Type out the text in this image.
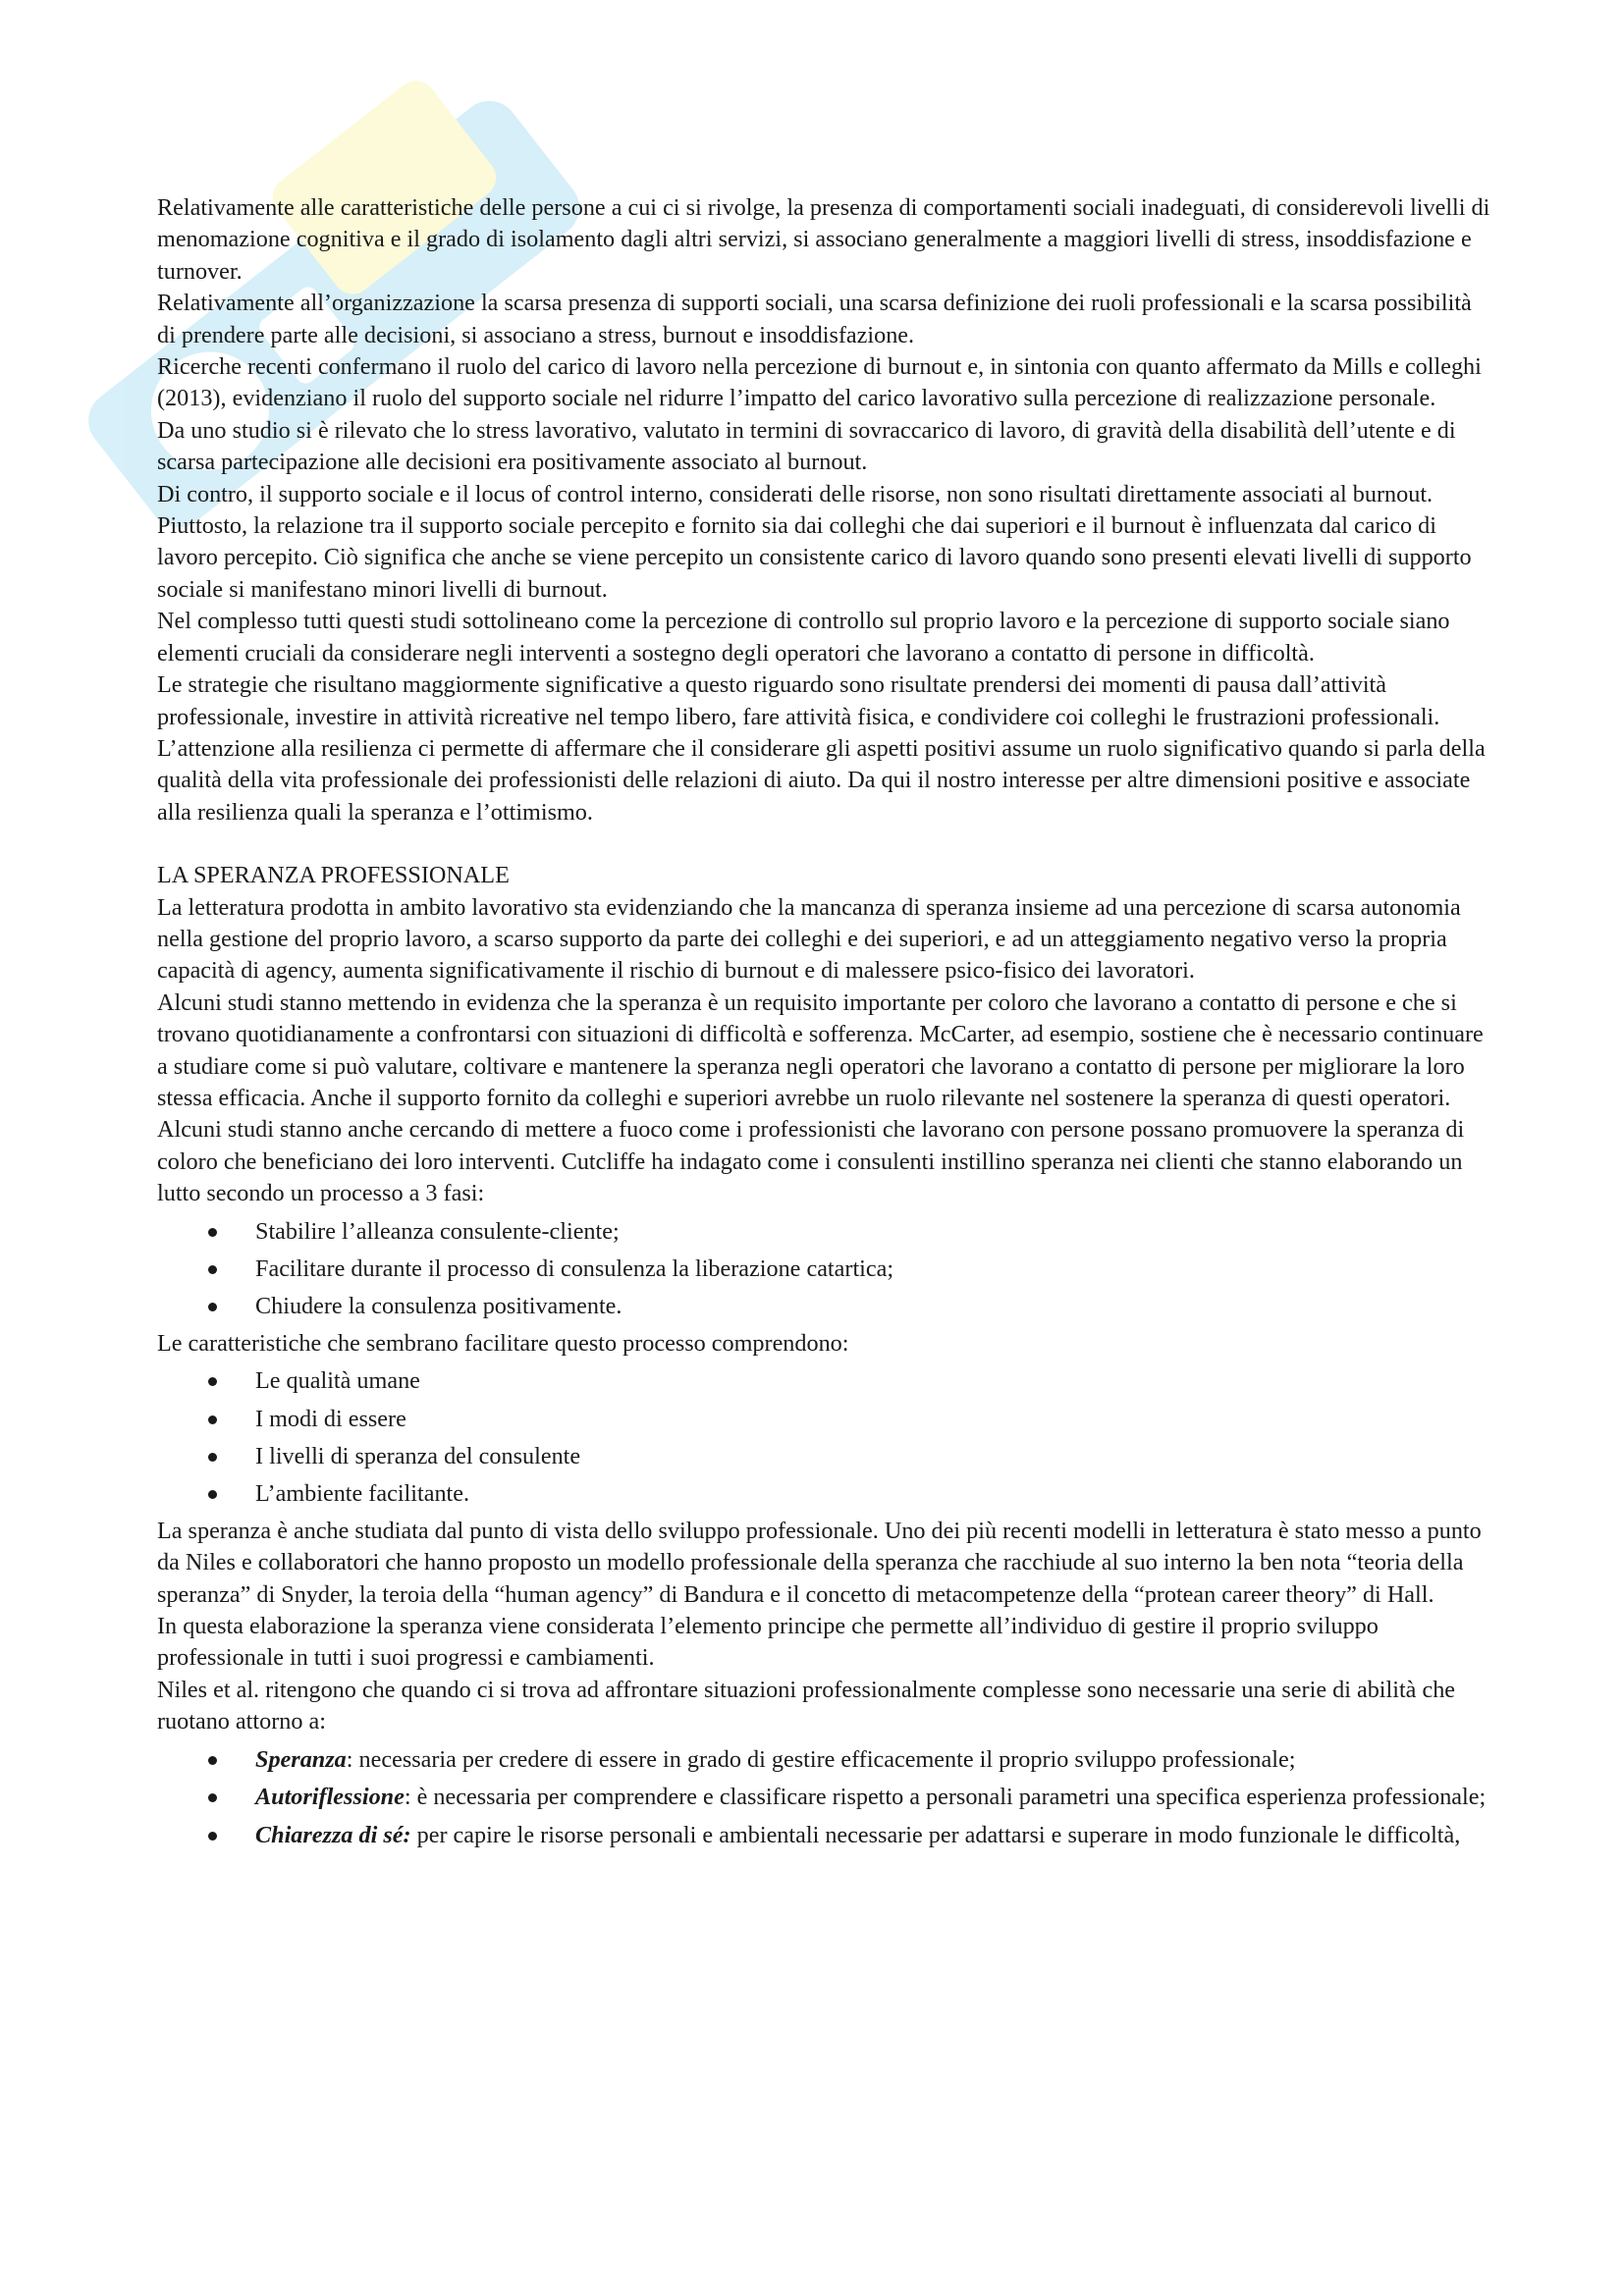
Relativamente alle caratteristiche delle persone a cui ci si rivolge, la presenza di comportamenti sociali inadeguati, di considerevoli livelli di menomazione cognitiva e il grado di isolamento dagli altri servizi, si associano generalmente a maggiori livelli di stress, insoddisfazione e turnover.

Relativamente all’organizzazione la scarsa presenza di supporti sociali, una scarsa definizione dei ruoli professionali e la scarsa possibilità di prendere parte alle decisioni, si associano a stress, burnout e insoddisfazione.

Ricerche recenti confermano il ruolo del carico di lavoro nella percezione di burnout e, in sintonia con quanto affermato da Mills e colleghi (2013), evidenziano il ruolo del supporto sociale nel ridurre l’impatto del carico lavorativo sulla percezione di realizzazione personale.

Da uno studio si è rilevato che lo stress lavorativo, valutato in termini di sovraccarico di lavoro, di gravità della disabilità dell’utente e di scarsa partecipazione alle decisioni era positivamente associato al burnout.

Di contro, il supporto sociale e il locus of control interno, considerati delle risorse, non sono risultati direttamente associati al burnout. Piuttosto, la relazione tra il supporto sociale percepito e fornito sia dai colleghi che dai superiori e il burnout è influenzata dal carico di lavoro percepito. Ciò significa che anche se viene percepito un consistente carico di lavoro quando sono presenti elevati livelli di supporto sociale si manifestano minori livelli di burnout.

Nel complesso tutti questi studi sottolineano come la percezione di controllo sul proprio lavoro e la percezione di supporto sociale siano elementi cruciali da considerare negli interventi a sostegno degli operatori che lavorano a contatto di persone in difficoltà.

Le strategie che risultano maggiormente significative a questo riguardo sono risultate prendersi dei momenti di pausa dall’attività professionale, investire in attività ricreative nel tempo libero, fare attività fisica, e condividere coi colleghi le frustrazioni professionali.

L’attenzione alla resilienza ci permette di affermare che il considerare gli aspetti positivi assume un ruolo significativo quando si parla della qualità della vita professionale dei professionisti delle relazioni di aiuto. Da qui il nostro interesse per altre dimensioni positive e associate alla resilienza quali la speranza e l’ottimismo.

LA SPERANZA PROFESSIONALE

La letteratura prodotta in ambito lavorativo sta evidenziando che la mancanza di speranza insieme ad una percezione di scarsa autonomia nella gestione del proprio lavoro, a scarso supporto da parte dei colleghi e dei superiori, e ad un atteggiamento negativo verso la propria capacità di agency, aumenta significativamente il rischio di burnout e di malessere psico-fisico dei lavoratori.

Alcuni studi stanno mettendo in evidenza che la speranza è un requisito importante per coloro che lavorano a contatto di persone e che si trovano quotidianamente a confrontarsi con situazioni di difficoltà e sofferenza. McCarter, ad esempio, sostiene che è necessario continuare a studiare come si può valutare, coltivare e mantenere la speranza negli operatori che lavorano a contatto di persone per migliorare la loro stessa efficacia. Anche il supporto fornito da colleghi e superiori avrebbe un ruolo rilevante nel sostenere la speranza di questi operatori.

Alcuni studi stanno anche cercando di mettere a fuoco come i professionisti che lavorano con persone possano promuovere la speranza di coloro che beneficiano dei loro interventi. Cutcliffe ha indagato come i consulenti instillino speranza nei clienti che stanno elaborando un lutto secondo un processo a 3 fasi:

Stabilire l’alleanza consulente-cliente;
Facilitare durante il processo di consulenza la liberazione catartica;
Chiudere la consulenza positivamente.

Le caratteristiche che sembrano facilitare questo processo comprendono:

Le qualità umane
I modi di essere
I livelli di speranza del consulente
L’ambiente facilitante.

La speranza è anche studiata dal punto di vista dello sviluppo professionale. Uno dei più recenti modelli in letteratura è stato messo a punto da Niles e collaboratori che hanno proposto un modello professionale della speranza che racchiude al suo interno la ben nota “teoria della speranza” di Snyder, la teroia della “human agency” di Bandura e il concetto di metacompetenze della “protean career theory” di Hall.

In questa elaborazione la speranza viene considerata l’elemento principe che permette all’individuo di gestire il proprio sviluppo professionale in tutti i suoi progressi e cambiamenti.

Niles et al. ritengono che quando ci si trova ad affrontare situazioni professionalmente complesse sono necessarie una serie di abilità che ruotano attorno a:

Speranza: necessaria per credere di essere in grado di gestire efficacemente il proprio sviluppo professionale;
Autoriflessione: è necessaria per comprendere e classificare rispetto a personali parametri una specifica esperienza professionale;
Chiarezza di sé: per capire le risorse personali e ambientali necessarie per adattarsi e superare in modo funzionale le difficoltà,
